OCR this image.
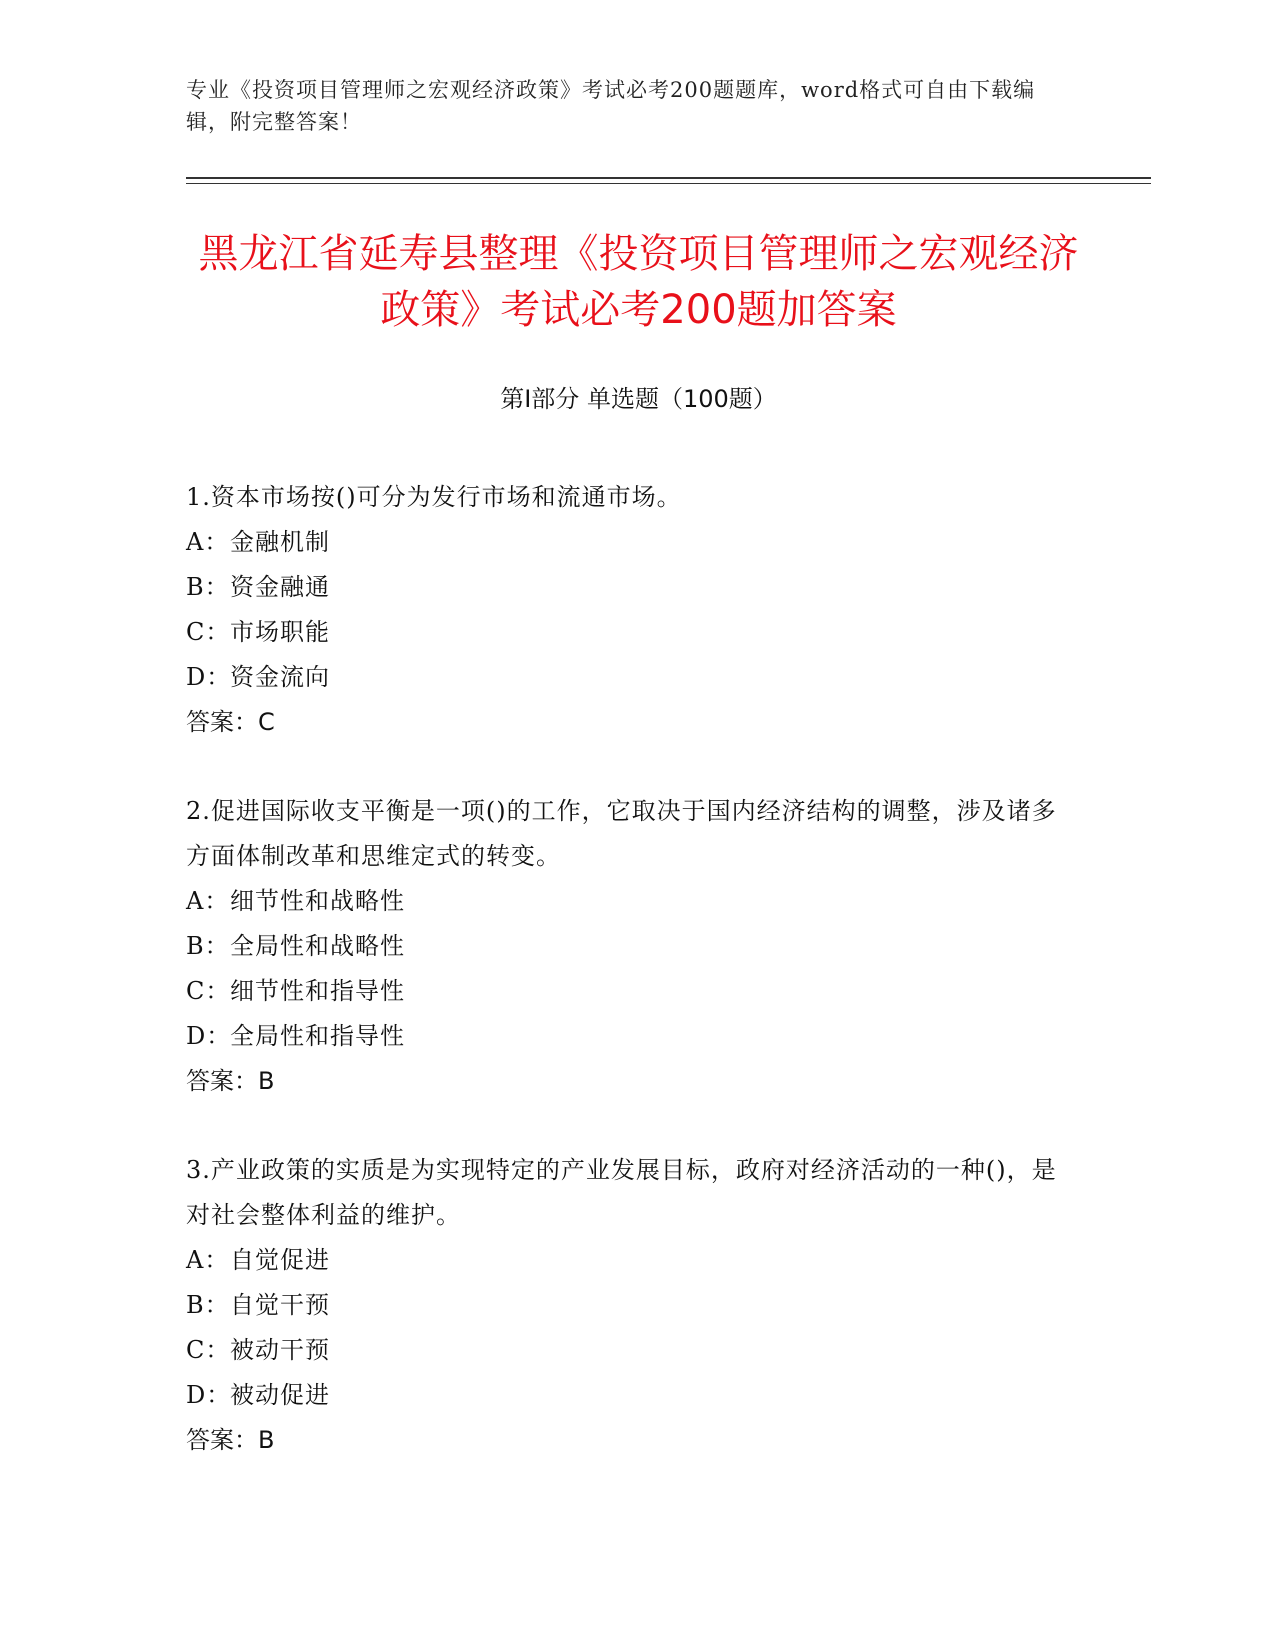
专业《投资项目管理师之宏观经济政策》考试必考200题题库，word格式可自由下载编辑，附完整答案！
黑龙江省延寿县整理《投资项目管理师之宏观经济政策》考试必考200题加答案
第Ⅰ部分 单选题（100题）

1.资本市场按()可分为发行市场和流通市场。

A：金融机制

B：资金融通

C：市场职能

D：资金流向

答案：C

2.促进国际收支平衡是一项()的工作，它取决于国内经济结构的调整，涉及诸多方面体制改革和思维定式的转变。

A：细节性和战略性

B：全局性和战略性

C：细节性和指导性

D：全局性和指导性

答案：B

3.产业政策的实质是为实现特定的产业发展目标，政府对经济活动的一种()，是对社会整体利益的维护。

A：自觉促进

B：自觉干预

C：被动干预

D：被动促进

答案：B
